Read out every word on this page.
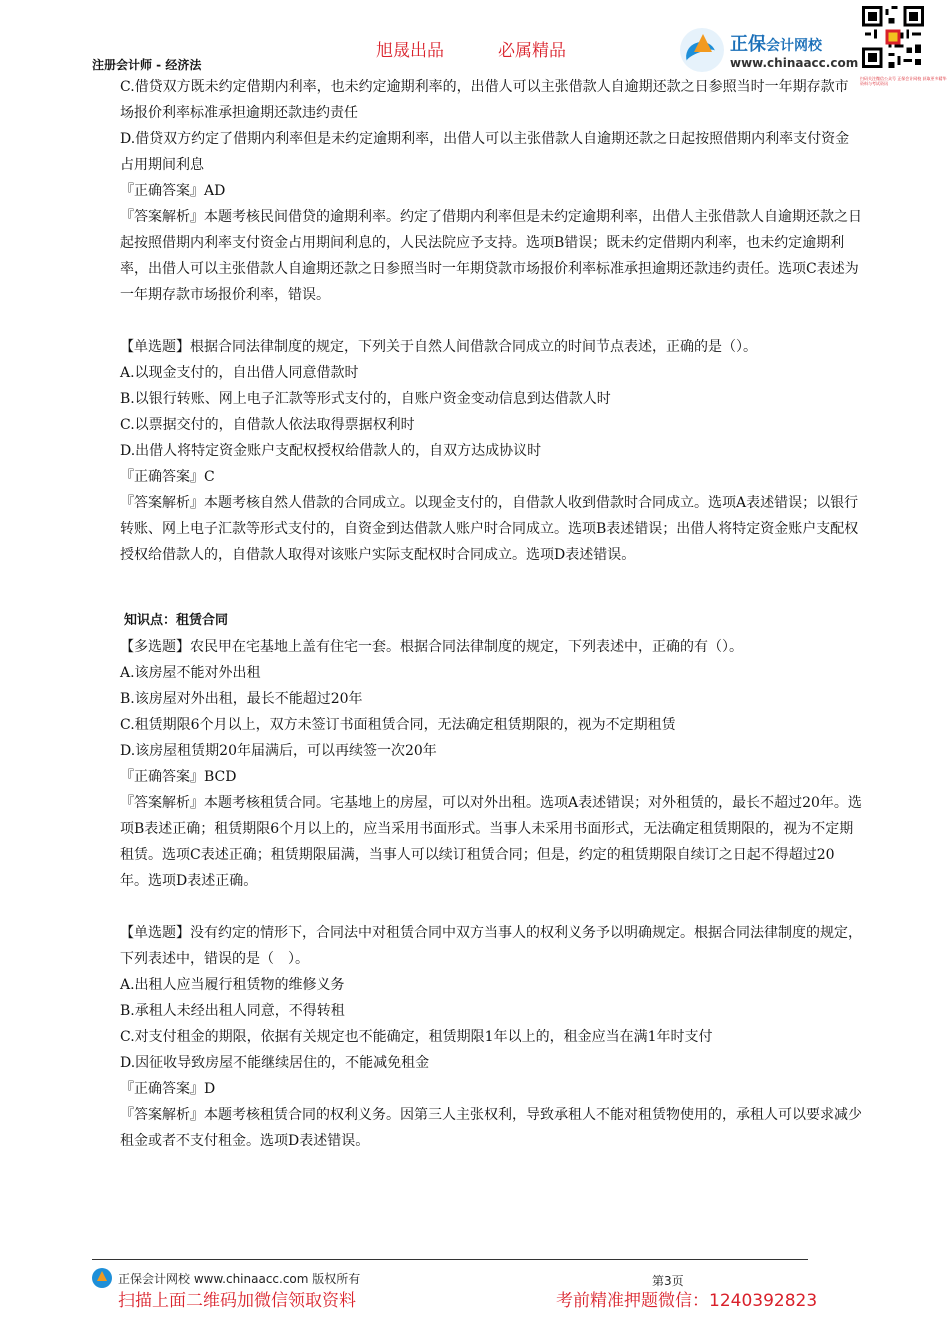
旭晟出品	必属精品
注册会计师 - 经济法
正保会计网校
www.chinaacc.com
扫码关注微信公众号 正保会计网校 获取更多精华资料与考试资讯

C.借贷双方既未约定借期内利率，也未约定逾期利率的，出借人可以主张借款人自逾期还款之日参照当时一年期存款市场报价利率标准承担逾期还款违约责任

D.借贷双方约定了借期内利率但是未约定逾期利率，出借人可以主张借款人自逾期还款之日起按照借期内利率支付资金占用期间利息

『正确答案』AD

『答案解析』本题考核民间借贷的逾期利率。约定了借期内利率但是未约定逾期利率，出借人主张借款人自逾期还款之日起按照借期内利率支付资金占用期间利息的，人民法院应予支持。选项B错误；既未约定借期内利率，也未约定逾期利率，出借人可以主张借款人自逾期还款之日参照当时一年期贷款市场报价利率标准承担逾期还款违约责任。选项C表述为一年期存款市场报价利率，错误。

【单选题】根据合同法律制度的规定，下列关于自然人间借款合同成立的时间节点表述，正确的是（）。

A.以现金支付的，自出借人同意借款时

B.以银行转账、网上电子汇款等形式支付的，自账户资金变动信息到达借款人时

C.以票据交付的，自借款人依法取得票据权利时

D.出借人将特定资金账户支配权授权给借款人的，自双方达成协议时

『正确答案』C

『答案解析』本题考核自然人借款的合同成立。以现金支付的，自借款人收到借款时合同成立。选项A表述错误；以银行转账、网上电子汇款等形式支付的，自资金到达借款人账户时合同成立。选项B表述错误；出借人将特定资金账户支配权授权给借款人的，自借款人取得对该账户实际支配权时合同成立。选项D表述错误。

知识点：租赁合同

【多选题】农民甲在宅基地上盖有住宅一套。根据合同法律制度的规定，下列表述中，正确的有（）。

A.该房屋不能对外出租

B.该房屋对外出租，最长不能超过20年

C.租赁期限6个月以上，双方未签订书面租赁合同，无法确定租赁期限的，视为不定期租赁

D.该房屋租赁期20年届满后，可以再续签一次20年

『正确答案』BCD

『答案解析』本题考核租赁合同。宅基地上的房屋，可以对外出租。选项A表述错误；对外租赁的，最长不超过20年。选项B表述正确；租赁期限6个月以上的，应当采用书面形式。当事人未采用书面形式，无法确定租赁期限的，视为不定期租赁。选项C表述正确；租赁期限届满，当事人可以续订租赁合同；但是，约定的租赁期限自续订之日起不得超过20年。选项D表述正确。

【单选题】没有约定的情形下，合同法中对租赁合同中双方当事人的权利义务予以明确规定。根据合同法律制度的规定，下列表述中，错误的是（　）。

A.出租人应当履行租赁物的维修义务

B.承租人未经出租人同意，不得转租

C.对支付租金的期限，依据有关规定也不能确定，租赁期限1年以上的，租金应当在满1年时支付

D.因征收导致房屋不能继续居住的，不能减免租金

『正确答案』D

『答案解析』本题考核租赁合同的权利义务。因第三人主张权利，导致承租人不能对租赁物使用的，承租人可以要求减少租金或者不支付租金。选项D表述错误。

正保会计网校 www.chinaacc.com 版权所有	第3页
扫描上面二维码加微信领取资料	考前精准押题微信：1240392823
